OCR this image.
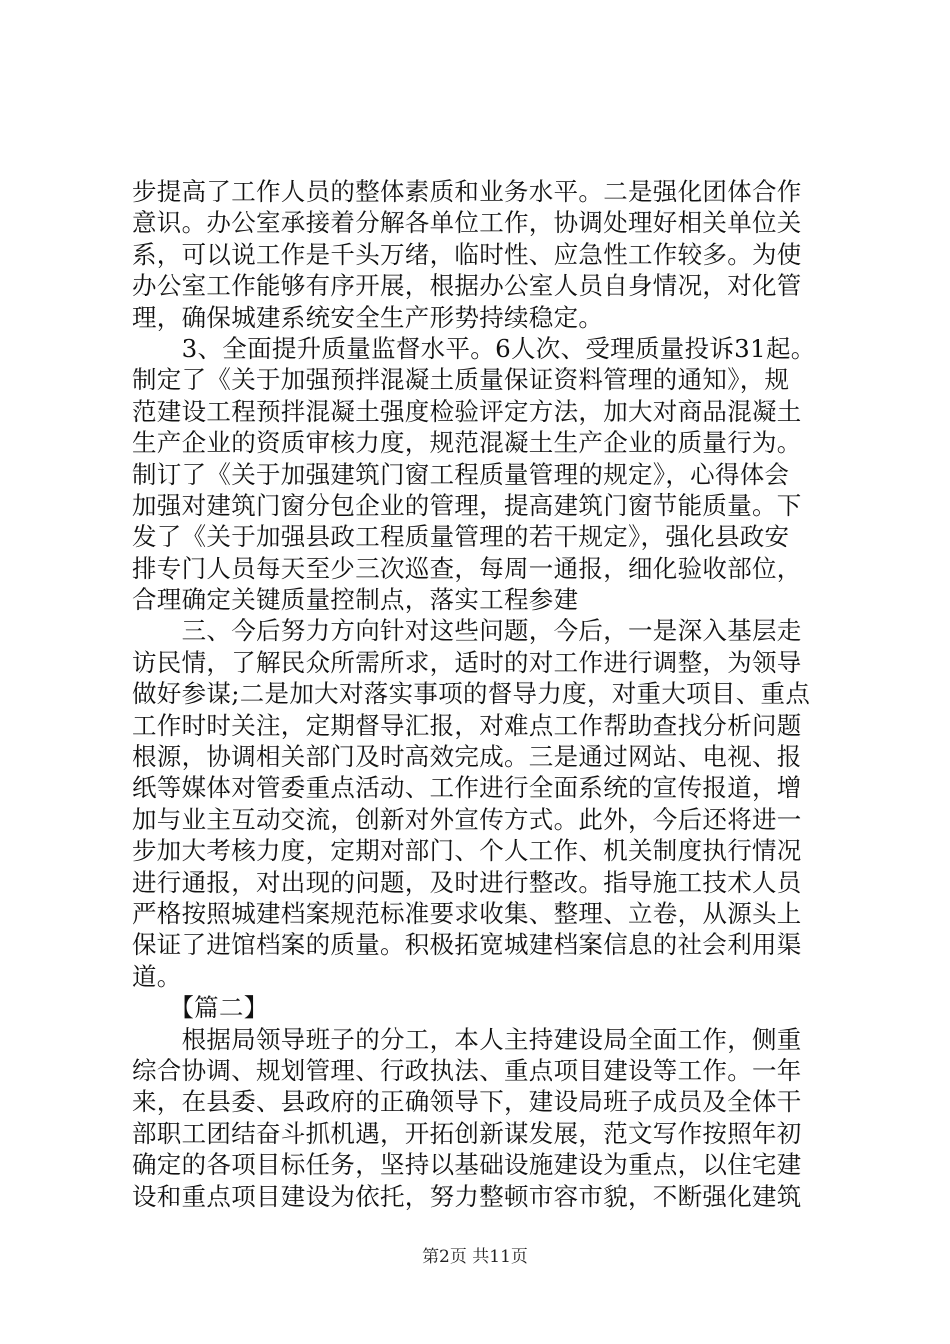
步提高了工作人员的整体素质和业务水平。二是强化团体合作
意识。办公室承接着分解各单位工作，协调处理好相关单位关
系，可以说工作是千头万绪，临时性、应急性工作较多。为使
办公室工作能够有序开展，根据办公室人员自身情况，对化管
理，确保城建系统安全生产形势持续稳定。
　　3、全面提升质量监督水平。6人次、受理质量投诉31起。
制定了《关于加强预拌混凝土质量保证资料管理的通知》，规
范建设工程预拌混凝土强度检验评定方法，加大对商品混凝土
生产企业的资质审核力度，规范混凝土生产企业的质量行为。
制订了《关于加强建筑门窗工程质量管理的规定》，心得体会
加强对建筑门窗分包企业的管理，提高建筑门窗节能质量。下
发了《关于加强县政工程质量管理的若干规定》，强化县政安
排专门人员每天至少三次巡查，每周一通报，细化验收部位，
合理确定关键质量控制点，落实工程参建
　　三、今后努力方向针对这些问题，今后，一是深入基层走
访民情，了解民众所需所求，适时的对工作进行调整，为领导
做好参谋;二是加大对落实事项的督导力度，对重大项目、重点
工作时时关注，定期督导汇报，对难点工作帮助查找分析问题
根源，协调相关部门及时高效完成。三是通过网站、电视、报
纸等媒体对管委重点活动、工作进行全面系统的宣传报道，增
加与业主互动交流，创新对外宣传方式。此外，今后还将进一
步加大考核力度，定期对部门、个人工作、机关制度执行情况
进行通报，对出现的问题，及时进行整改。指导施工技术人员
严格按照城建档案规范标准要求收集、整理、立卷，从源头上
保证了进馆档案的质量。积极拓宽城建档案信息的社会利用渠
道。
　　【篇二】
　　根据局领导班子的分工，本人主持建设局全面工作，侧重
综合协调、规划管理、行政执法、重点项目建设等工作。一年
来，在县委、县政府的正确领导下，建设局班子成员及全体干
部职工团结奋斗抓机遇，开拓创新谋发展，范文写作按照年初
确定的各项目标任务，坚持以基础设施建设为重点，以住宅建
设和重点项目建设为依托，努力整顿市容市貌，不断强化建筑
第2页 共11页
